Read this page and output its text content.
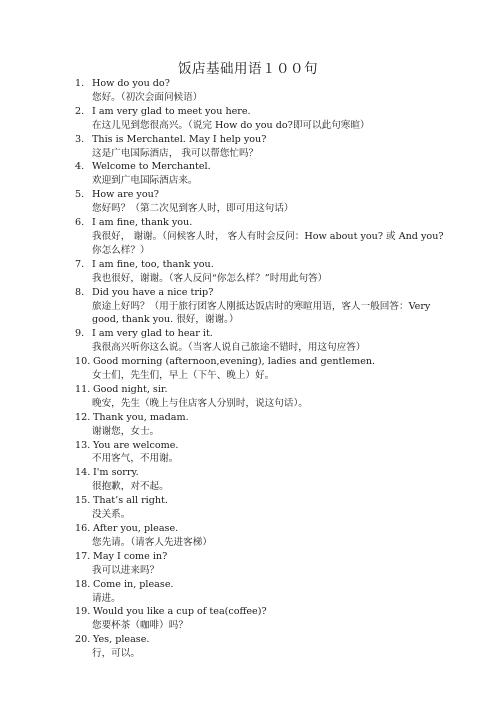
饭店基础用语１００句
1. How do you do?
您好。（初次会面问候语）
2. I am very glad to meet you here.
在这儿见到您很高兴。（说完 How do you do?即可以此句寒暄）
3. This is Merchantel. May I help you?
这是广电国际酒店， 我可以帮您忙吗？
4. Welcome to Merchantel.
欢迎到广电国际酒店来。
5. How are you?
您好吗？（第二次见到客人时，即可用这句话）
6. I am fine, thank you.
我很好， 谢谢。（问候客人时， 客人有时会反问：How about you? 或 And you? 你怎么样？）
7. I am fine, too, thank you.
我也很好，谢谢。（客人反问“你怎么样？”时用此句答）
8. Did you have a nice trip?
旅途上好吗？（用于旅行团客人刚抵达饭店时的寒暄用语，客人一般回答：Very good, thank you. 很好，谢谢。）
9. I am very glad to hear it.
我很高兴听你这么说。（当客人说自己旅途不错时，用这句应答）
10. Good morning (afternoon,evening), ladies and gentlemen.
女士们，先生们，早上（下午、晚上）好。
11. Good night, sir.
晚安，先生（晚上与住店客人分别时，说这句话）。
12. Thank you, madam.
谢谢您，女士。
13. You are welcome.
不用客气，不用谢。
14. I'm sorry.
很抱歉，对不起。
15. That’s all right.
没关系。
16. After you, please.
您先请。（请客人先进客梯）
17. May I come in?
我可以进来吗？
18. Come in, please.
请进。
19. Would you like a cup of tea(coffee)?
您要杯茶（咖啡）吗？
20. Yes, please.
行，可以。
